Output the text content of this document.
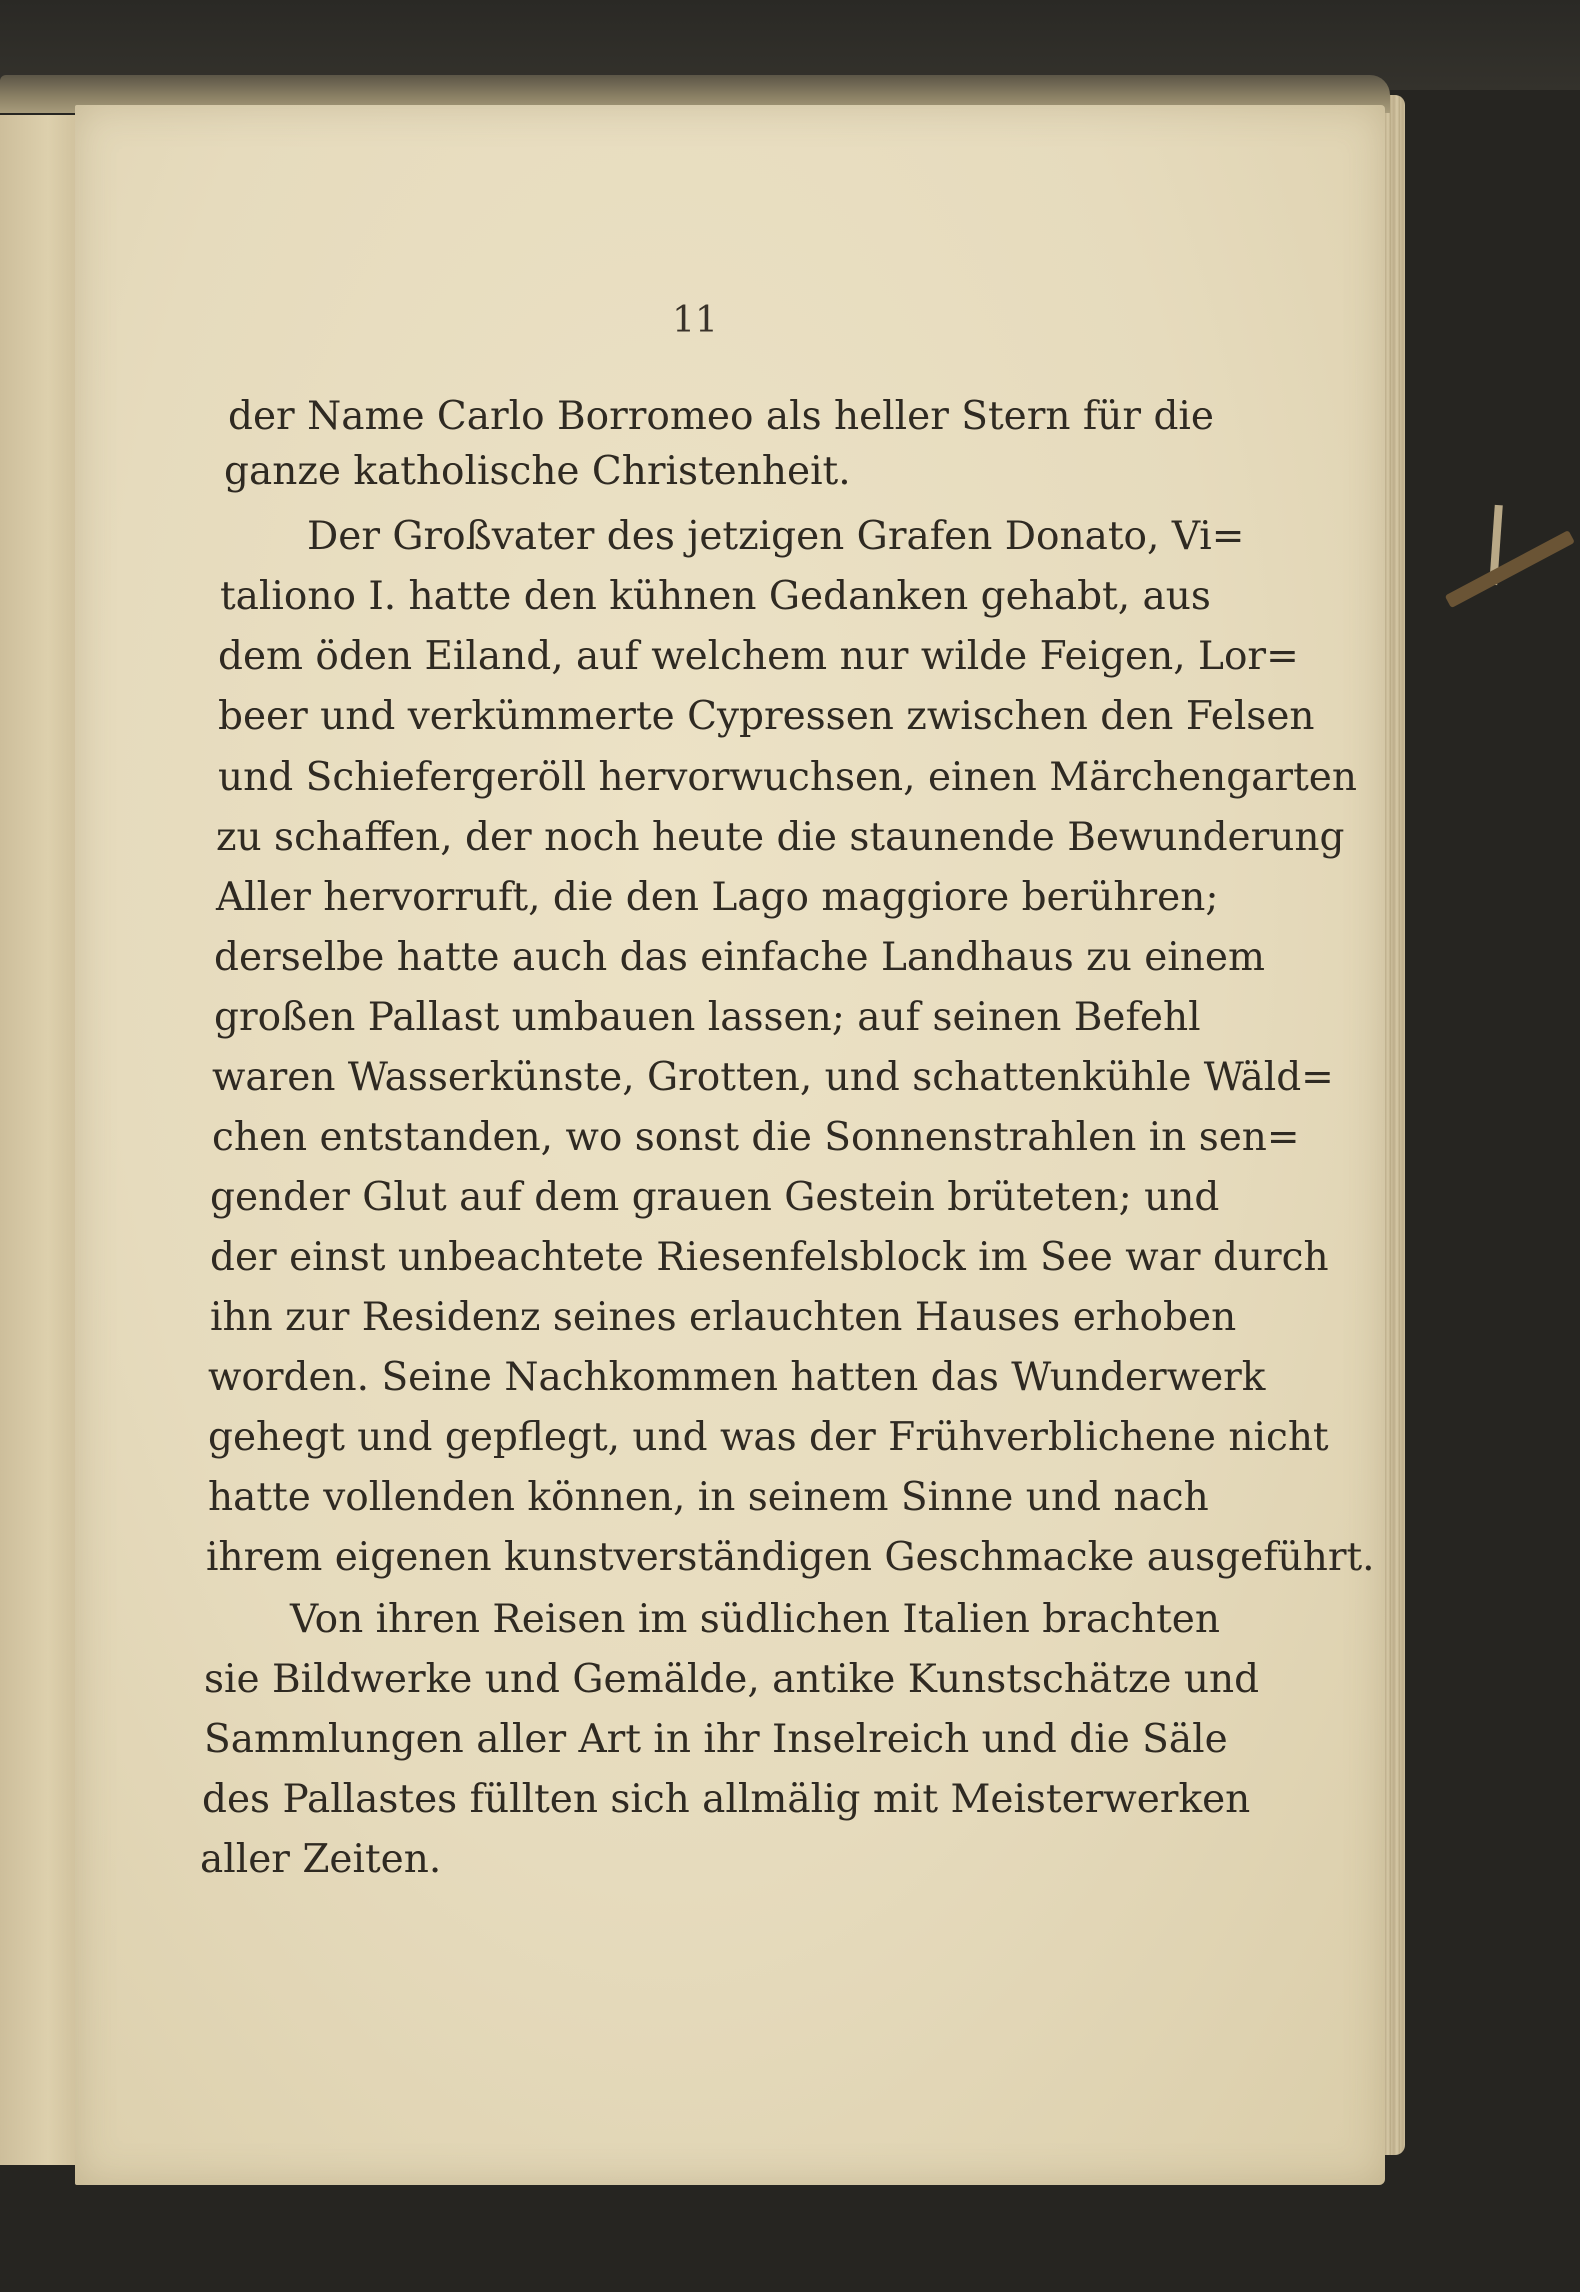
11
der Name Carlo Borromeo als heller Stern für die
ganze katholische Christenheit.
Der Großvater des jetzigen Grafen Donato, Vi=
taliono I. hatte den kühnen Gedanken gehabt, aus
dem öden Eiland, auf welchem nur wilde Feigen, Lor=
beer und verkümmerte Cypressen zwischen den Felsen
und Schiefergeröll hervorwuchsen, einen Märchengarten
zu schaffen, der noch heute die staunende Bewunderung
Aller hervorruft, die den Lago maggiore berühren;
derselbe hatte auch das einfache Landhaus zu einem
großen Pallast umbauen lassen; auf seinen Befehl
waren Wasserkünste, Grotten, und schattenkühle Wäld=
chen entstanden, wo sonst die Sonnenstrahlen in sen=
gender Glut auf dem grauen Gestein brüteten; und
der einst unbeachtete Riesenfelsblock im See war durch
ihn zur Residenz seines erlauchten Hauses erhoben
worden. Seine Nachkommen hatten das Wunderwerk
gehegt und gepflegt, und was der Frühverblichene nicht
hatte vollenden können, in seinem Sinne und nach
ihrem eigenen kunstverständigen Geschmacke ausgeführt.
Von ihren Reisen im südlichen Italien brachten
sie Bildwerke und Gemälde, antike Kunstschätze und
Sammlungen aller Art in ihr Inselreich und die Säle
des Pallastes füllten sich allmälig mit Meisterwerken
aller Zeiten.
